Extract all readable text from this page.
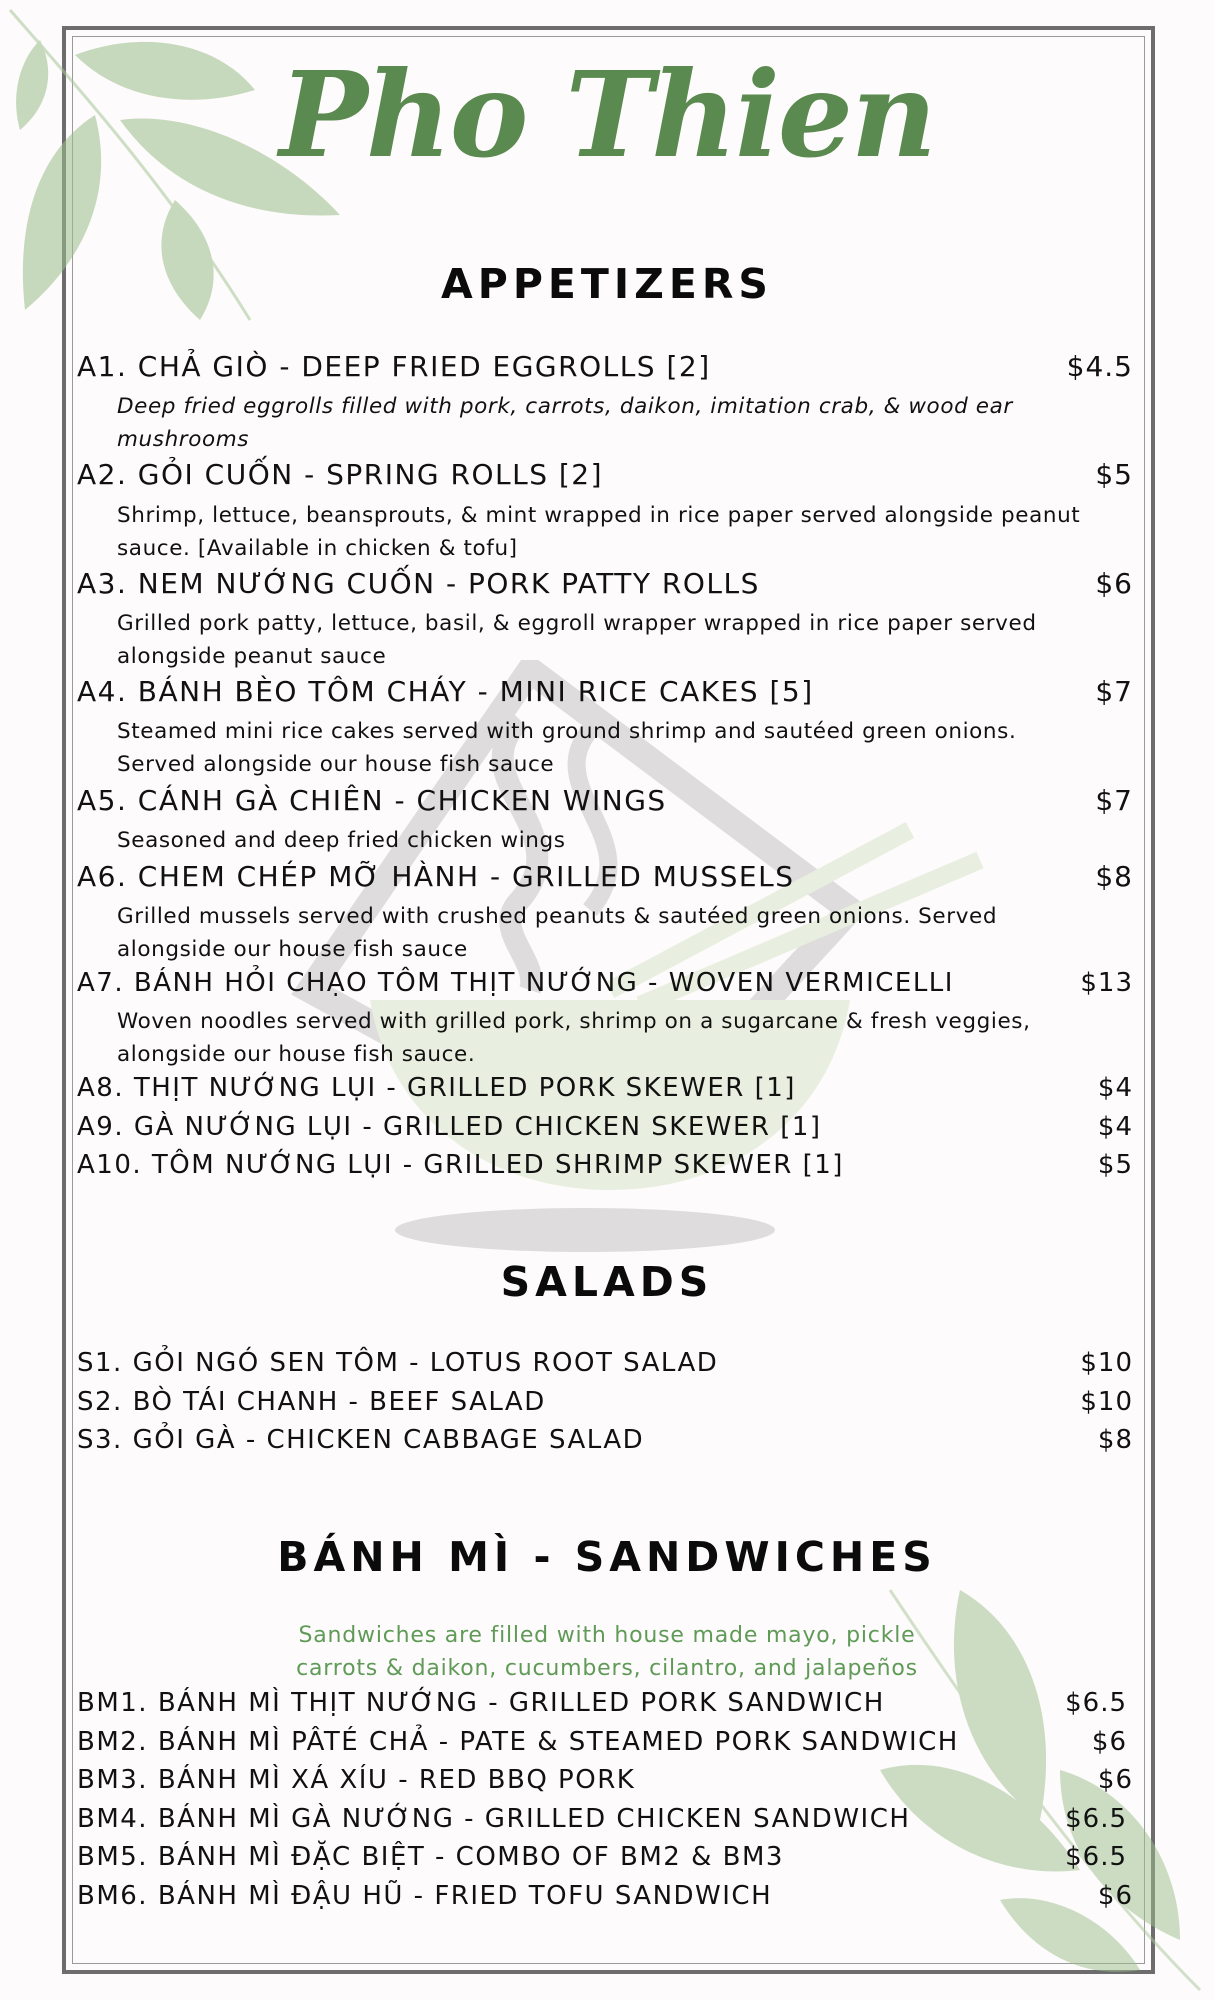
Pho Thien
APPETIZERS
A1. CHẢ GIÒ - DEEP FRIED EGGROLLS [2]	$4.5
Deep fried eggrolls filled with pork, carrots, daikon, imitation crab, & wood ear
mushrooms
A2. GỎI CUỐN - SPRING ROLLS [2]	$5
Shrimp, lettuce, beansprouts, & mint wrapped in rice paper served alongside peanut
sauce. [Available in chicken & tofu]
A3. NEM NƯỚNG CUỐN - PORK PATTY ROLLS	$6
Grilled pork patty, lettuce, basil, & eggroll wrapper wrapped in rice paper served
alongside peanut sauce
A4. BÁNH BÈO TÔM CHÁY - MINI RICE CAKES [5]	$7
Steamed mini rice cakes served with ground shrimp and sautéed green onions.
Served alongside our house fish sauce
A5. CÁNH GÀ CHIÊN - CHICKEN WINGS	$7
Seasoned and deep fried chicken wings
A6. CHEM CHÉP MỠ HÀNH - GRILLED MUSSELS	$8
Grilled mussels served with crushed peanuts & sautéed green onions. Served
alongside our house fish sauce
A7. BÁNH HỎI CHẠO TÔM THỊT NƯỚNG - WOVEN VERMICELLI	$13
Woven noodles served with grilled pork, shrimp on a sugarcane & fresh veggies,
alongside our house fish sauce.
A8. THỊT NƯỚNG LỤI - GRILLED PORK SKEWER [1]	$4
A9. GÀ NƯỚNG LỤI - GRILLED CHICKEN SKEWER [1]	$4
A10. TÔM NƯỚNG LỤI - GRILLED SHRIMP SKEWER [1]	$5
SALADS
S1. GỎI NGÓ SEN TÔM - LOTUS ROOT SALAD	$10
S2. BÒ TÁI CHANH - BEEF SALAD	$10
S3. GỎI GÀ - CHICKEN CABBAGE SALAD	$8
BÁNH MÌ - SANDWICHES
Sandwiches are filled with house made mayo, pickle
carrots & daikon, cucumbers, cilantro, and jalapeños
BM1. BÁNH MÌ THỊT NƯỚNG - GRILLED PORK SANDWICH	$6.5
BM2. BÁNH MÌ PÂTÉ CHẢ - PATE & STEAMED PORK SANDWICH	$6
BM3. BÁNH MÌ XÁ XÍU - RED BBQ PORK	$6
BM4. BÁNH MÌ GÀ NƯỚNG - GRILLED CHICKEN SANDWICH	$6.5
BM5. BÁNH MÌ ĐẶC BIỆT - COMBO OF BM2 & BM3	$6.5
BM6. BÁNH MÌ ĐẬU HŨ - FRIED TOFU SANDWICH	$6
